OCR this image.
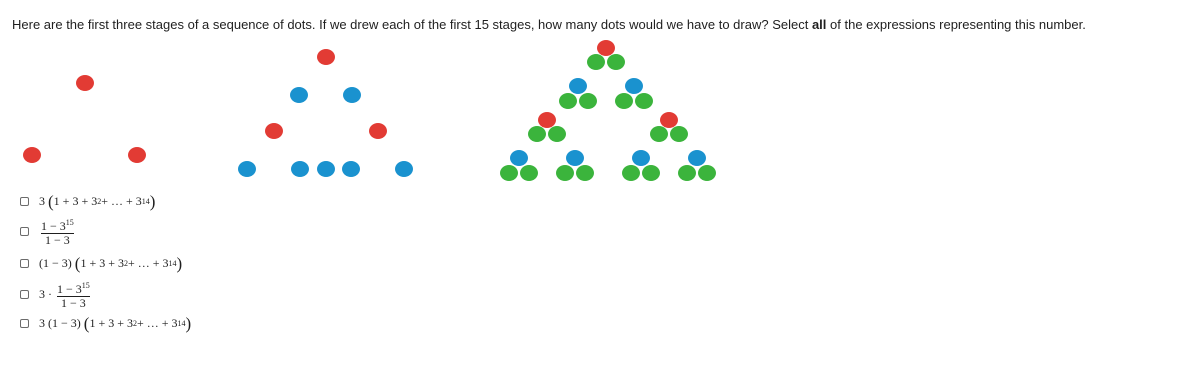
Here are the first three stages of a sequence of dots. If we drew each of the first 15 stages, how many dots would we have to draw? Select all of the expressions representing this number.
3
( 1 + 3 + 3 2 + … + 3 14 )
$\frac{1 - 3^{15}}{1 - 3}$
(1 − 3)
( 1 + 3 + 3 2 + … + 3 14 )
3 ·
$\frac{1 - 3^{15}}{1 - 3}$
3 (1 − 3)
( 1 + 3 + 3 2 + … + 3 14 )
